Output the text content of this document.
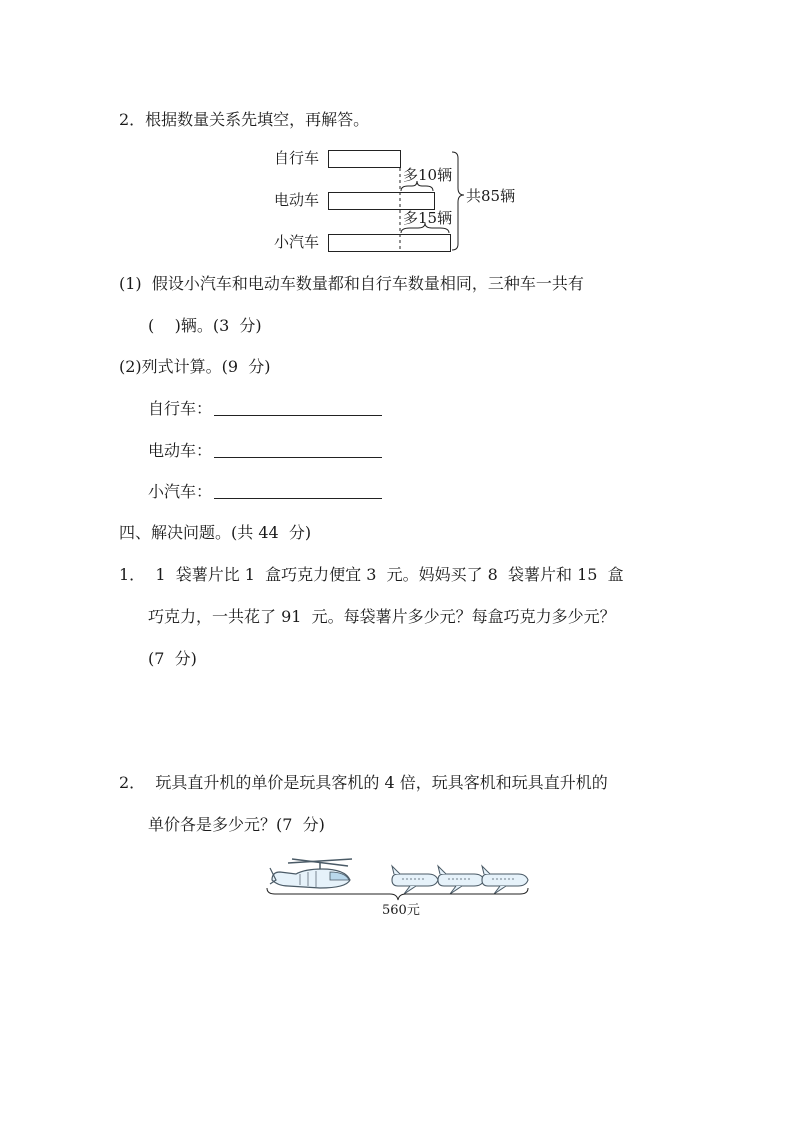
2．根据数量关系先填空，再解答。
自行车
电动车
小汽车
多10辆
多15辆
共85辆
(1)  假设小汽车和电动车数量都和自行车数量相同，三种车一共有
(    )辆。(3  分)
(2)列式计算。(9  分)
自行车：
电动车：
小汽车：
四、解决问题。(共 44  分)
1．  1  袋薯片比 1  盒巧克力便宜 3  元。妈妈买了 8  袋薯片和 15  盒
巧克力，一共花了 91  元。每袋薯片多少元？每盒巧克力多少元？
(7  分)
2．  玩具直升机的单价是玩具客机的 4 倍，玩具客机和玩具直升机的
单价各是多少元？(7  分)
560元
